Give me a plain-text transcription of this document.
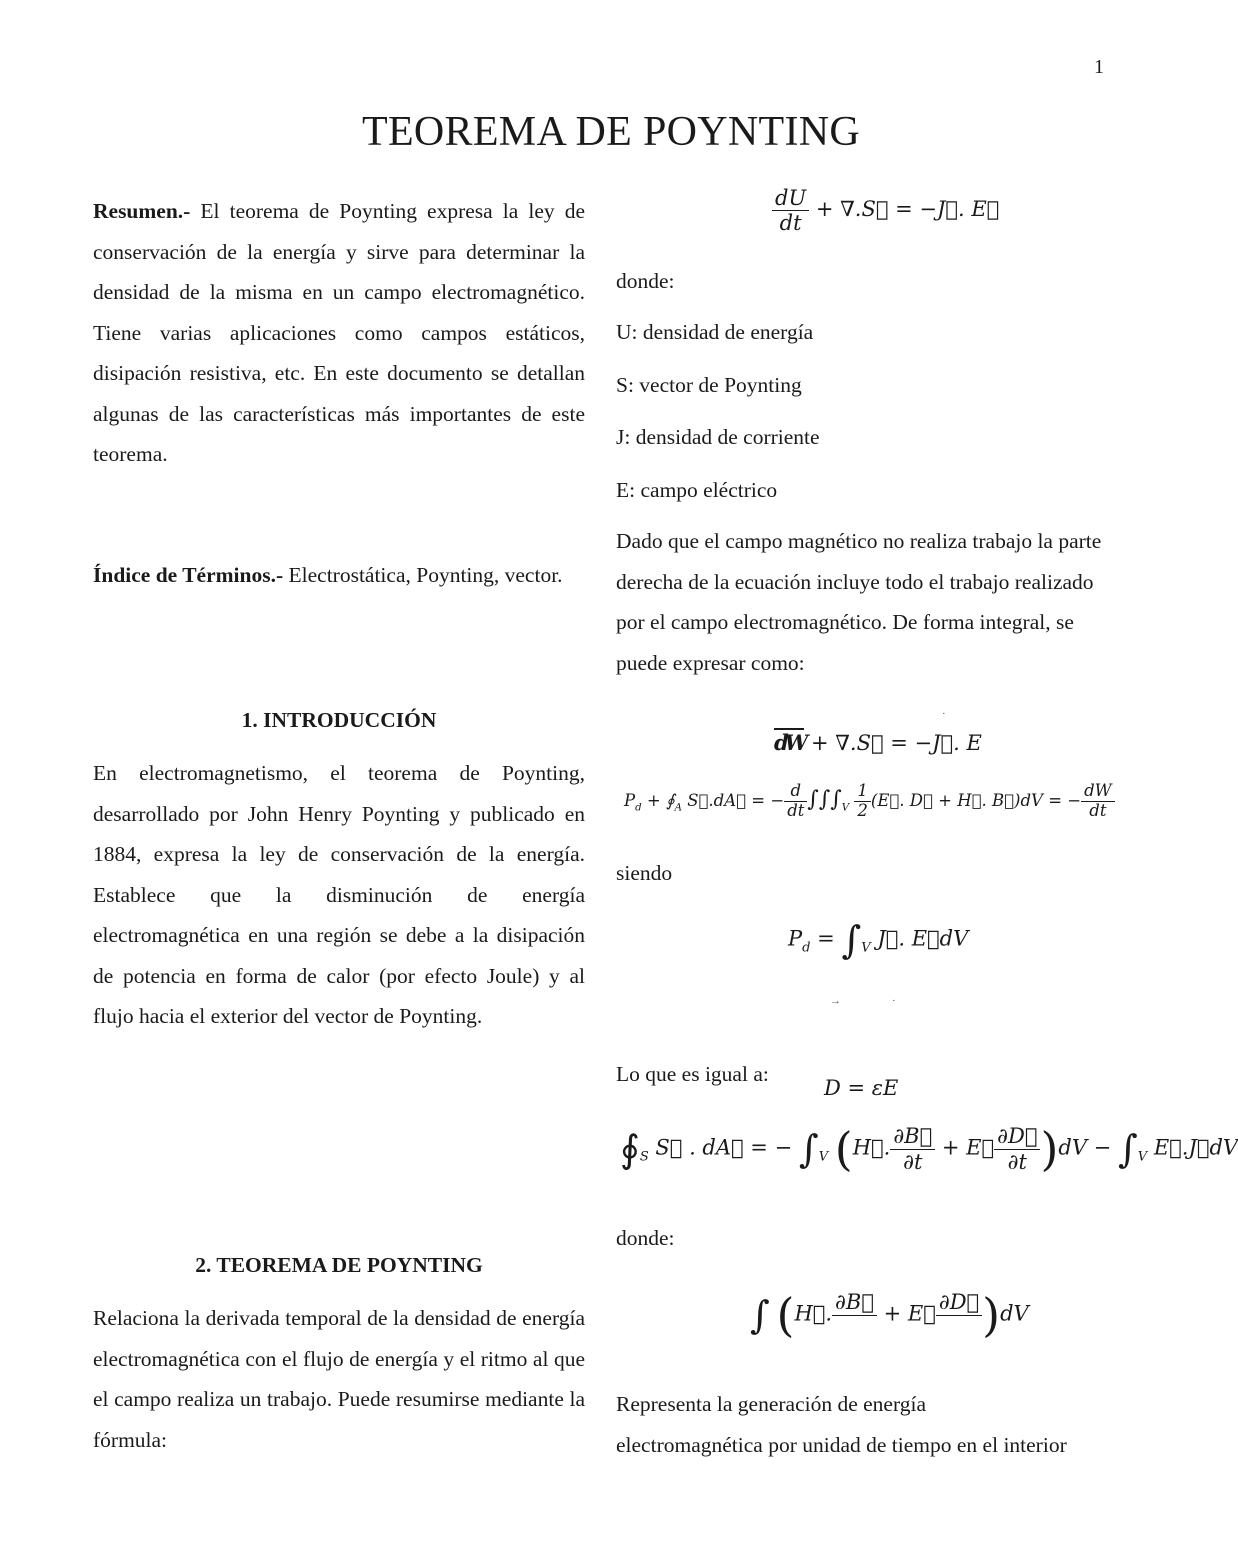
1
TEOREMA DE POYNTING
Resumen.- El teorema de Poynting expresa la ley de conservación de la energía y sirve para determinar la densidad de la misma en un campo electromagnético. Tiene varias aplicaciones como campos estáticos, disipación resistiva, etc. En este documento se detallan algunas de las características más importantes de este teorema.
Índice de Términos.- Electrostática, Poynting, vector.
1. INTRODUCCIÓN
En electromagnetismo, el teorema de Poynting, desarrollado por John Henry Poynting y publicado en 1884, expresa la ley de conservación de la energía. Establece que la disminución de energía electromagnética en una región se debe a la disipación de potencia en forma de calor (por efecto Joule) y al flujo hacia el exterior del vector de Poynting.
2. TEOREMA DE POYNTING
Relaciona la derivada temporal de la densidad de energía electromagnética con el flujo de energía y el ritmo al que el campo realiza un trabajo. Puede resumirse mediante la fórmula:
$\frac{dU}{dt}$ + ∇.S⃗ = −J⃗. E⃗
donde:
U: densidad de energía
S: vector de Poynting
J: densidad de corriente
E: campo eléctrico
Dado que el campo magnético no realiza trabajo la parte derecha de la ecuación incluye todo el trabajo realizado por el campo electromagnético. De forma integral, se puede expresar como:
·
dW + ∇.S⃗ = −J⃗. E
$P_d$ + $∮_A$ S⃗.dA⃗ = − $\frac{d}{dt} \int\int\int_V \frac{1}{2}$ (E⃗. D⃗ + H⃗. B⃗)dV = − $\frac{dW}{dt}$
siendo
$P_d = \int_V$ J⃗. E⃗dV
→	·
Lo que es igual a:
D = εE
$∮_S$ S⃗ . dA⃗ = − $\int_V$ (H⃗. $\frac{\partial B⃗}{\partial t}$ + E⃗ $\frac{\partial D⃗}{\partial t} )dV - \int_V$ E⃗.J⃗dV
donde:
∫ (H⃗. ∂B⃗
+ E⃗ ∂D⃗
)dV
Representa la generación de energía
electromagnética por unidad de tiempo en el interior
